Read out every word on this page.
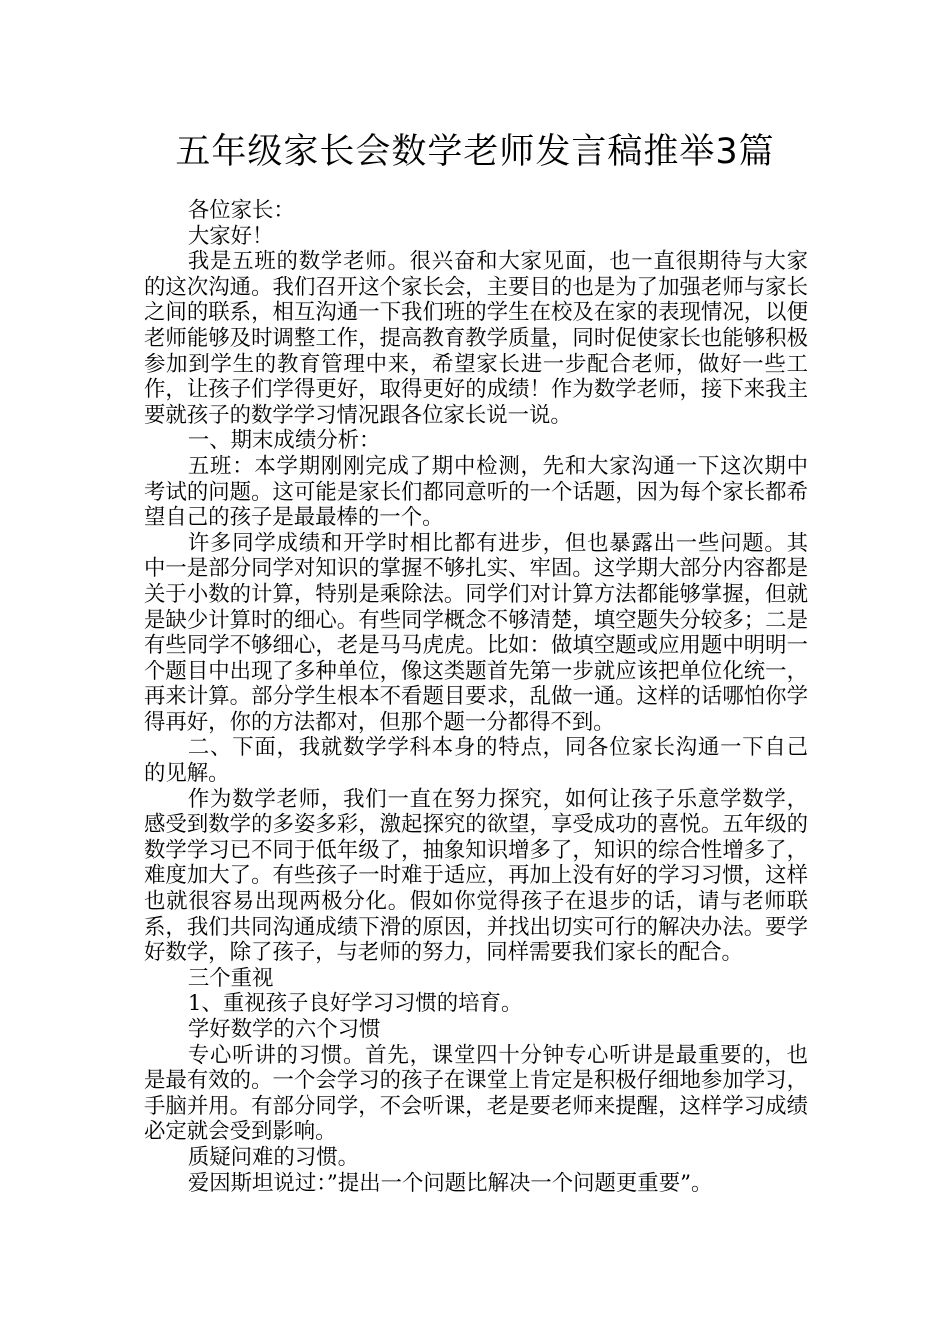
五年级家长会数学老师发言稿推举3篇

各位家长：

大家好！

我是五班的数学老师。很兴奋和大家见面，也一直很期待与大家的这次沟通。我们召开这个家长会，主要目的也是为了加强老师与家长之间的联系，相互沟通一下我们班的学生在校及在家的表现情况，以便老师能够及时调整工作，提高教育教学质量，同时促使家长也能够积极参加到学生的教育管理中来，希望家长进一步配合老师，做好一些工作，让孩子们学得更好，取得更好的成绩！作为数学老师，接下来我主要就孩子的数学学习情况跟各位家长说一说。

一、期末成绩分析：

五班：本学期刚刚完成了期中检测，先和大家沟通一下这次期中考试的问题。这可能是家长们都同意听的一个话题，因为每个家长都希望自己的孩子是最最棒的一个。

许多同学成绩和开学时相比都有进步，但也暴露出一些问题。其中一是部分同学对知识的掌握不够扎实、牢固。这学期大部分内容都是关于小数的计算，特别是乘除法。同学们对计算方法都能够掌握，但就是缺少计算时的细心。有些同学概念不够清楚，填空题失分较多；二是有些同学不够细心，老是马马虎虎。比如：做填空题或应用题中明明一个题目中出现了多种单位，像这类题首先第一步就应该把单位化统一，再来计算。部分学生根本不看题目要求，乱做一通。这样的话哪怕你学得再好，你的方法都对，但那个题一分都得不到。

二、下面，我就数学学科本身的特点，同各位家长沟通一下自己的见解。

作为数学老师，我们一直在努力探究，如何让孩子乐意学数学，感受到数学的多姿多彩，激起探究的欲望，享受成功的喜悦。五年级的数学学习已不同于低年级了，抽象知识增多了，知识的综合性增多了，难度加大了。有些孩子一时难于适应，再加上没有好的学习习惯，这样也就很容易出现两极分化。假如你觉得孩子在退步的话，请与老师联系，我们共同沟通成绩下滑的原因，并找出切实可行的解决办法。要学好数学，除了孩子，与老师的努力，同样需要我们家长的配合。

三个重视

1、重视孩子良好学习习惯的培育。

学好数学的六个习惯

专心听讲的习惯。首先，课堂四十分钟专心听讲是最重要的，也是最有效的。一个会学习的孩子在课堂上肯定是积极仔细地参加学习，手脑并用。有部分同学，不会听课，老是要老师来提醒，这样学习成绩必定就会受到影响。

质疑问难的习惯。

爱因斯坦说过：”提出一个问题比解决一个问题更重要”。
